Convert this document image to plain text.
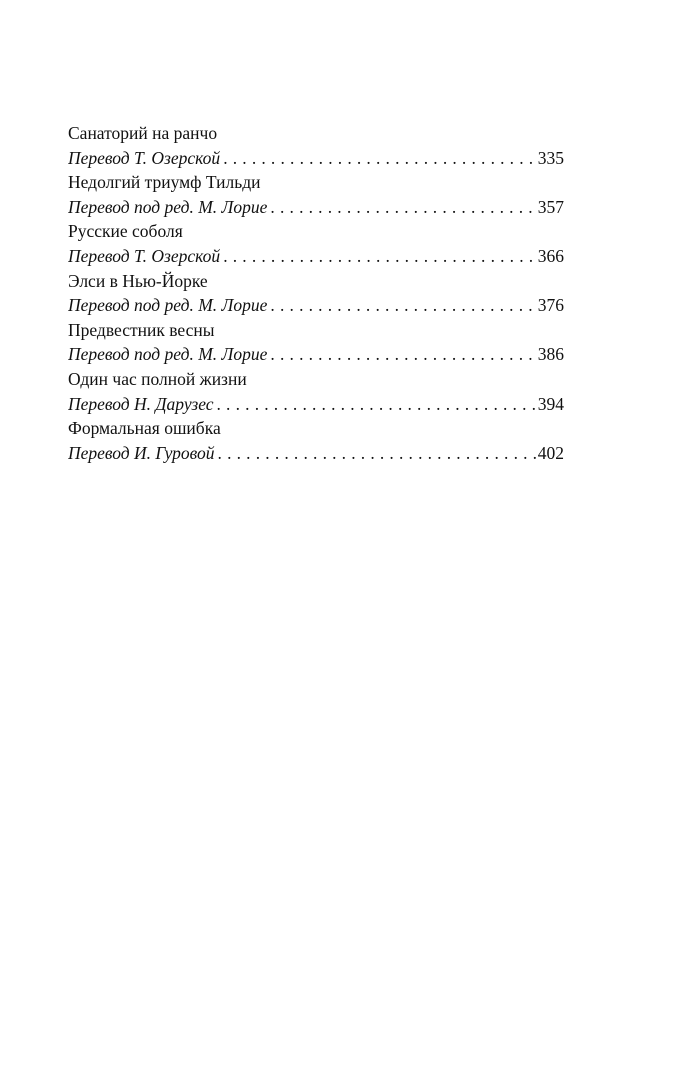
Санаторий на ранчо
Перевод Т. Озерской . . .	335
Недолгий триумф Тильди
Перевод под ред. М. Лорие . . .	357
Русские соболя
Перевод Т. Озерской . . .	366
Элси в Нью-Йорке
Перевод под ред. М. Лорие . . .	376
Предвестник весны
Перевод под ред. М. Лорие . . .	386
Один час полной жизни
Перевод Н. Дарузес . . .	394
Формальная ошибка
Перевод И. Гуровой . . .	402
